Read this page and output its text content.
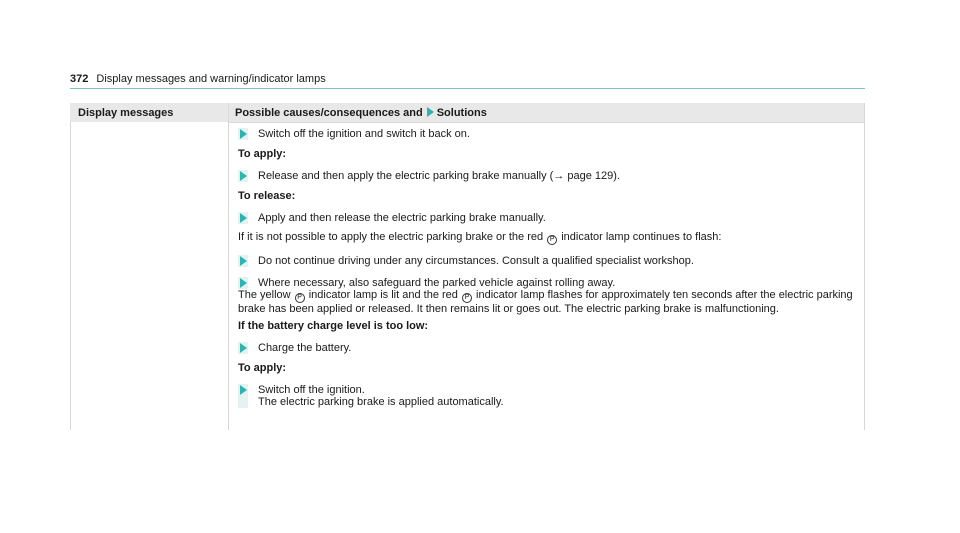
372 Display messages and warning/indicator lamps
Display messages	Possible causes/consequences and Solutions
Switch off the ignition and switch it back on.

To apply:

Release and then apply the electric parking brake manually (→ page 129).

To release:

Apply and then release the electric parking brake manually.

If it is not possible to apply the electric parking brake or the red P indicator lamp continues to flash:

Do not continue driving under any circumstances. Consult a qualified specialist workshop.
Where necessary, also safeguard the parked vehicle against rolling away.

The yellow P indicator lamp is lit and the red P indicator lamp flashes for approximately ten seconds after the electric parking brake has been applied or released. It then remains lit or goes out. The electric parking brake is malfunctioning.

If the battery charge level is too low:

Charge the battery.

To apply:

Switch off the ignition.
The electric parking brake is applied automatically.
